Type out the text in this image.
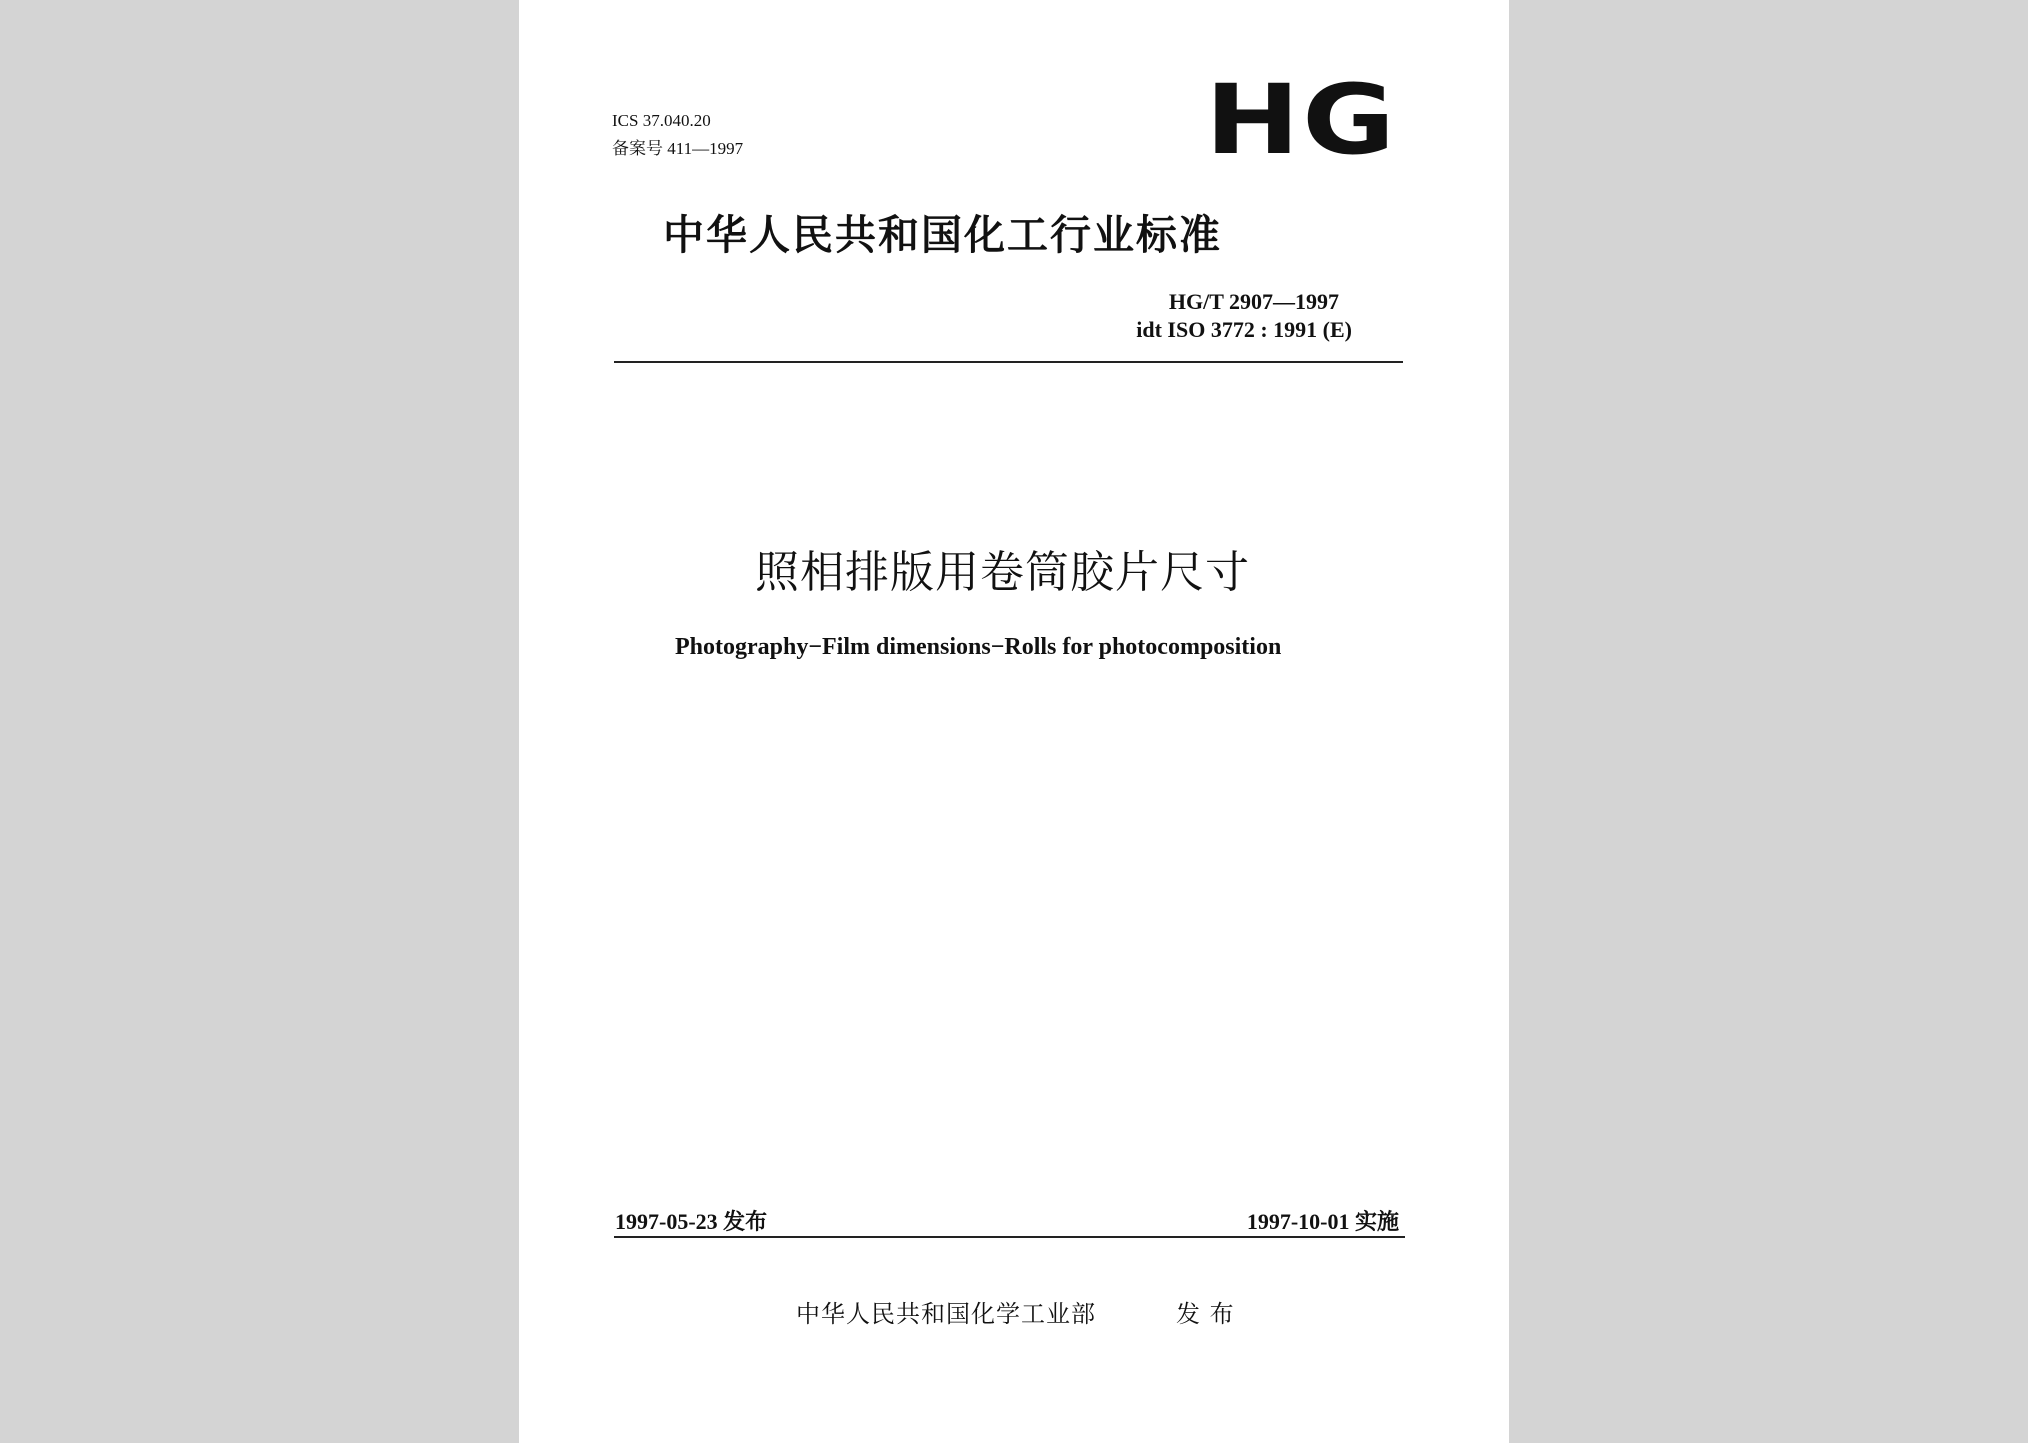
ICS 37.040.20
备案号 411—1997	HG
中华人民共和国化工行业标准
HG/T 2907—1997
idt ISO 3772 : 1991 (E)
照相排版用卷筒胶片尺寸
Photography−Film dimensions−Rolls for photocomposition
1997-05-23 发布	1997-10-01 实施
中华人民共和国化学工业部	发 布
